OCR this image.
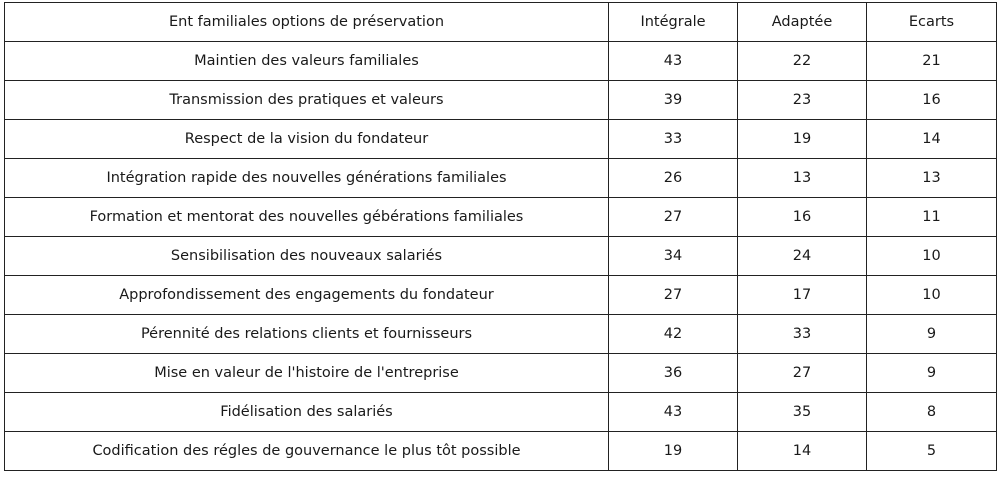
Ent familiales options de préservation	Intégrale	Adaptée	Ecarts
Maintien des valeurs familiales	43	22	21
Transmission des pratiques et valeurs	39	23	16
Respect de la vision du fondateur	33	19	14
Intégration rapide des nouvelles générations familiales	26	13	13
Formation et mentorat des nouvelles gébérations familiales	27	16	11
Sensibilisation des nouveaux salariés	34	24	10
Approfondissement des engagements du fondateur	27	17	10
Pérennité des relations clients et fournisseurs	42	33	9
Mise en valeur de l'histoire de l'entreprise	36	27	9
Fidélisation des salariés	43	35	8
Codification des régles de gouvernance le plus tôt possible	19	14	5
